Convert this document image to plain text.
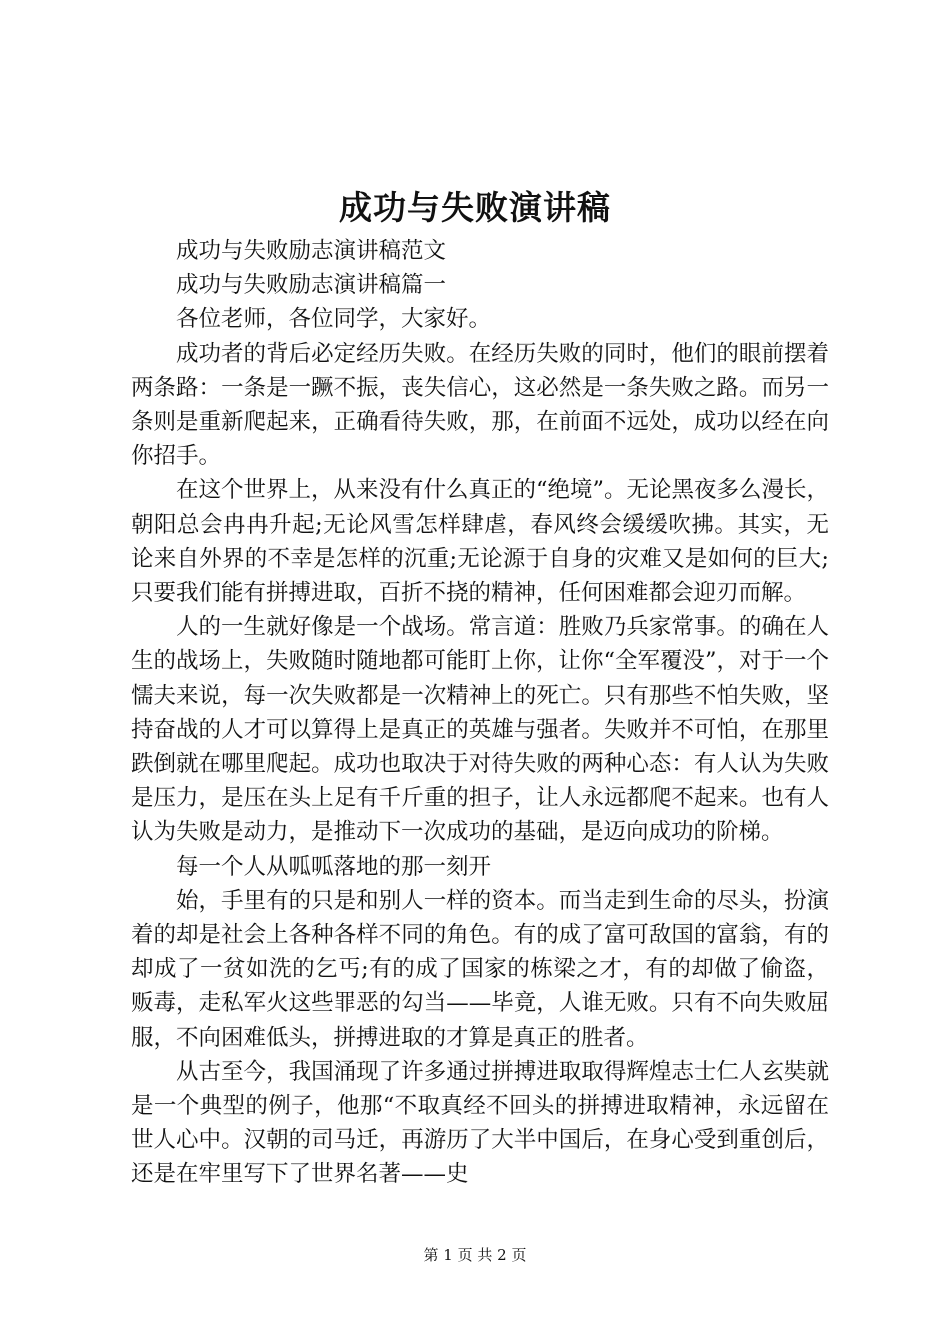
成功与失败演讲稿

成功与失败励志演讲稿范文

成功与失败励志演讲稿篇一

各位老师，各位同学，大家好。

成功者的背后必定经历失败。在经历失败的同时，他们的眼前摆着两条路：一条是一蹶不振，丧失信心，这必然是一条失败之路。而另一条则是重新爬起来，正确看待失败，那，在前面不远处，成功以经在向你招手。

在这个世界上，从来没有什么真正的“绝境”。无论黑夜多么漫长，朝阳总会冉冉升起;无论风雪怎样肆虐，春风终会缓缓吹拂。其实，无论来自外界的不幸是怎样的沉重;无论源于自身的灾难又是如何的巨大;只要我们能有拼搏进取，百折不挠的精神，任何困难都会迎刃而解。

人的一生就好像是一个战场。常言道：胜败乃兵家常事。的确在人生的战场上，失败随时随地都可能盯上你，让你“全军覆没”，对于一个懦夫来说，每一次失败都是一次精神上的死亡。只有那些不怕失败，坚持奋战的人才可以算得上是真正的英雄与强者。失败并不可怕，在那里跌倒就在哪里爬起。成功也取决于对待失败的两种心态：有人认为失败是压力，是压在头上足有千斤重的担子，让人永远都爬不起来。也有人认为失败是动力，是推动下一次成功的基础，是迈向成功的阶梯。

每一个人从呱呱落地的那一刻开

始，手里有的只是和别人一样的资本。而当走到生命的尽头，扮演着的却是社会上各种各样不同的角色。有的成了富可敌国的富翁，有的却成了一贫如洗的乞丐;有的成了国家的栋梁之才，有的却做了偷盗，贩毒，走私军火这些罪恶的勾当——毕竟，人谁无败。只有不向失败屈服，不向困难低头，拼搏进取的才算是真正的胜者。

从古至今，我国涌现了许多通过拼搏进取取得辉煌志士仁人玄奘就是一个典型的例子，他那“不取真经不回头的拼搏进取精神，永远留在世人心中。汉朝的司马迁，再游历了大半中国后，在身心受到重创后，还是在牢里写下了世界名著——史

第 1 页 共 2 页
